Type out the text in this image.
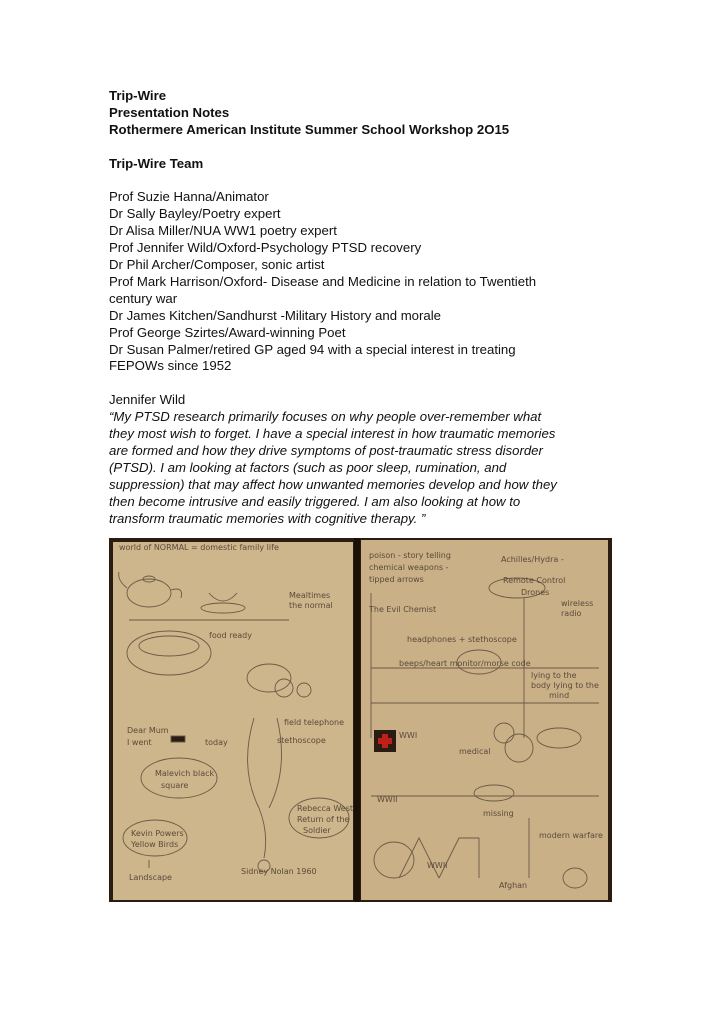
Trip-Wire
Presentation Notes
Rothermere American Institute Summer School Workshop 2O15
Trip-Wire Team
Prof Suzie Hanna/Animator
Dr Sally Bayley/Poetry expert
Dr Alisa Miller/NUA WW1 poetry expert
Prof Jennifer Wild/Oxford-Psychology PTSD recovery
Dr Phil Archer/Composer, sonic artist
Prof Mark Harrison/Oxford- Disease and Medicine in relation to Twentieth
century war
Dr James Kitchen/Sandhurst -Military History and morale
Prof George Szirtes/Award-winning Poet
Dr Susan Palmer/retired GP aged 94 with a special interest in treating
FEPOWs since 1952
Jennifer Wild
“My PTSD research primarily focuses on why people over-remember what
they most wish to forget. I have a special interest in how traumatic memories
are formed and how they drive symptoms of post-traumatic stress disorder
(PTSD). I am looking at factors (such as poor sleep, rumination, and
suppression) that may affect how unwanted memories develop and how they
then become intrusive and easily triggered. I am also looking at how to
transform traumatic memories with cognitive therapy. ”
world of NORMAL = domestic family life
Mealtimes
the normal
food ready
field telephone
stethoscope
Dear Mum
I went	today
Malevich black
square
Rebecca West
Return of the
Soldier
Kevin Powers
Yellow Birds
Landscape
Sidney Nolan 1960
poison - story telling
chemical weapons -
tipped arrows
Achilles/Hydra -
Remote Control
Drones
The Evil Chemist
wireless
radio
headphones + stethoscope
beeps/heart monitor/morse code
lying to the
body lying to the
mind
WWI
WWII
medical
missing
modern warfare
Afghan
WWII
